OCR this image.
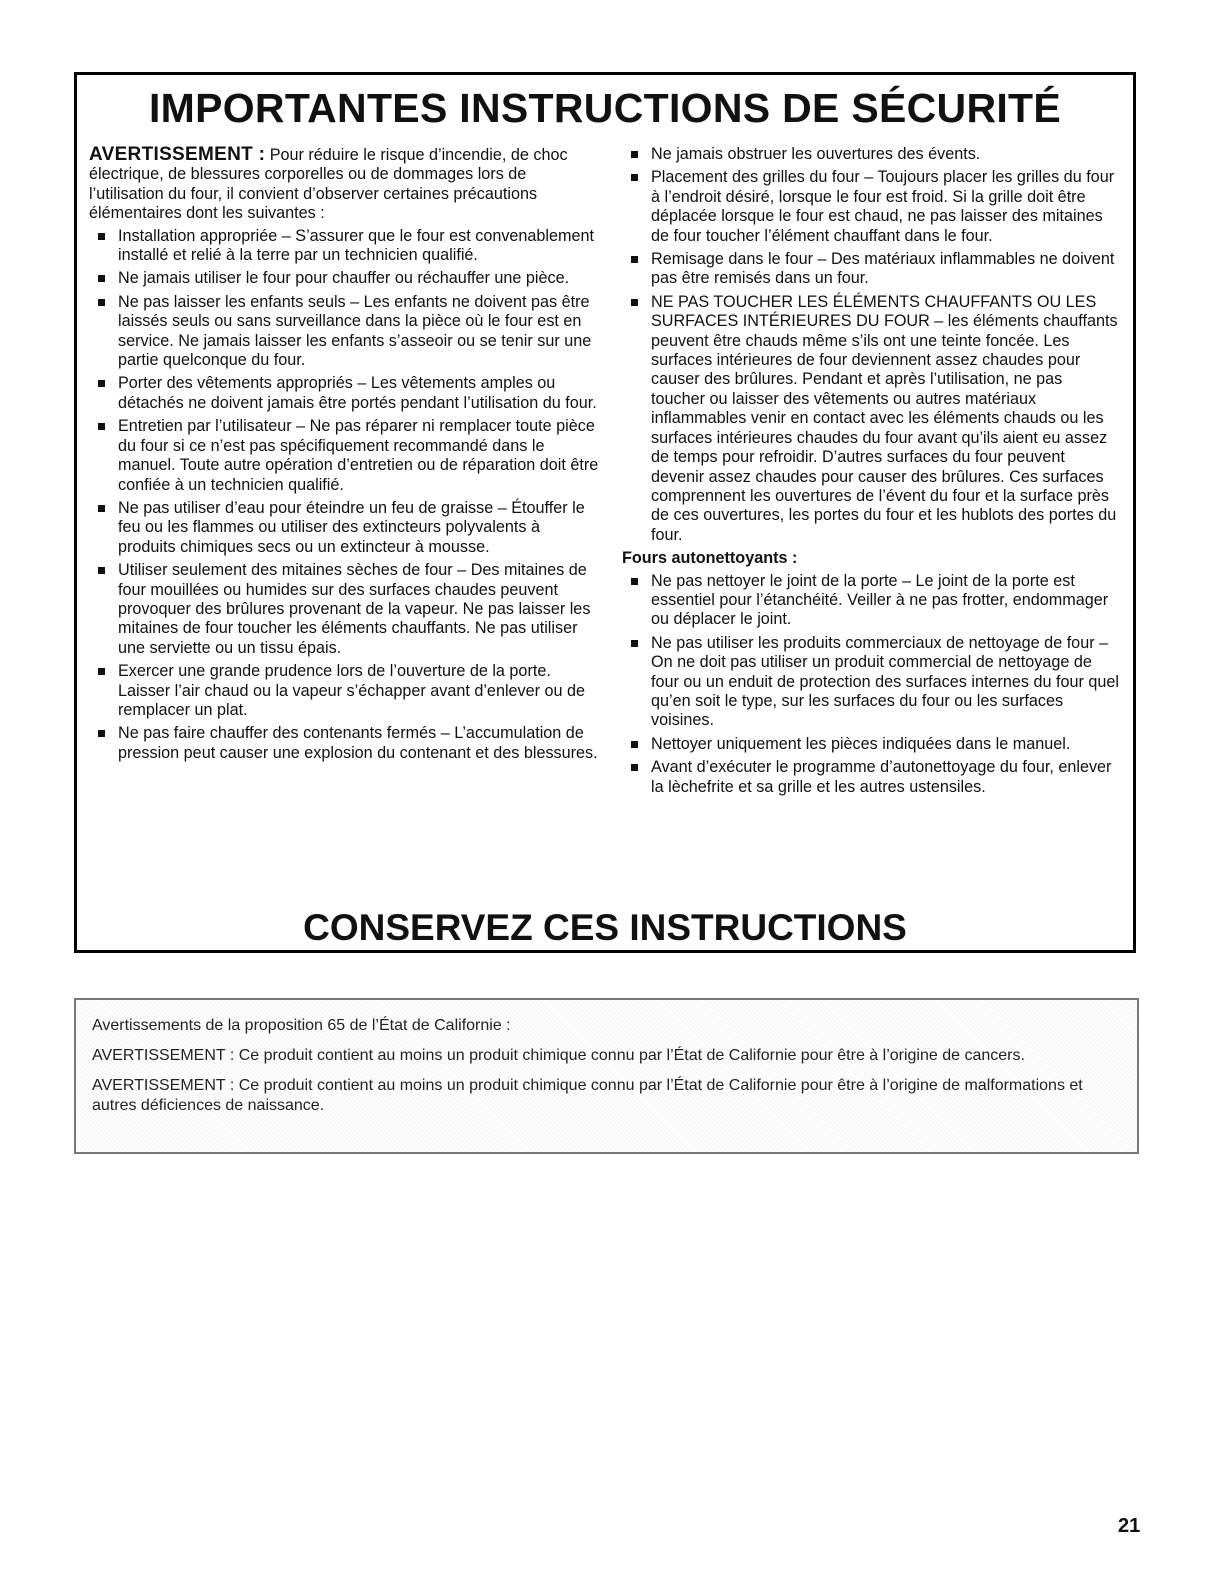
IMPORTANTES INSTRUCTIONS DE SÉCURITÉ

AVERTISSEMENT : Pour réduire le risque d’incendie, de choc électrique, de blessures corporelles ou de dommages lors de l’utilisation du four, il convient d’observer certaines précautions élémentaires dont les suivantes :

Installation appropriée – S’assurer que le four est convenablement installé et relié à la terre par un technicien qualifié.
Ne jamais utiliser le four pour chauffer ou réchauffer une pièce.
Ne pas laisser les enfants seuls – Les enfants ne doivent pas être laissés seuls ou sans surveillance dans la pièce où le four est en service. Ne jamais laisser les enfants s’asseoir ou se tenir sur une partie quelconque du four.
Porter des vêtements appropriés – Les vêtements amples ou détachés ne doivent jamais être portés pendant l’utilisation du four.
Entretien par l’utilisateur – Ne pas réparer ni remplacer toute pièce du four si ce n’est pas spécifiquement recommandé dans le manuel. Toute autre opération d’entretien ou de réparation doit être confiée à un technicien qualifié.
Ne pas utiliser d’eau pour éteindre un feu de graisse – Étouffer le feu ou les flammes ou utiliser des extincteurs polyvalents à produits chimiques secs ou un extincteur à mousse.
Utiliser seulement des mitaines sèches de four – Des mitaines de four mouillées ou humides sur des surfaces chaudes peuvent provoquer des brûlures provenant de la vapeur. Ne pas laisser les mitaines de four toucher les éléments chauffants. Ne pas utiliser une serviette ou un tissu épais.
Exercer une grande prudence lors de l’ouverture de la porte. Laisser l’air chaud ou la vapeur s’échapper avant d’enlever ou de remplacer un plat.
Ne pas faire chauffer des contenants fermés – L’accumulation de pression peut causer une explosion du contenant et des blessures.
Ne jamais obstruer les ouvertures des évents.
Placement des grilles du four – Toujours placer les grilles du four à l’endroit désiré, lorsque le four est froid. Si la grille doit être déplacée lorsque le four est chaud, ne pas laisser des mitaines de four toucher l’élément chauffant dans le four.
Remisage dans le four – Des matériaux inflammables ne doivent pas être remisés dans un four.
NE PAS TOUCHER LES ÉLÉMENTS CHAUFFANTS OU LES SURFACES INTÉRIEURES DU FOUR – les éléments chauffants peuvent être chauds même s’ils ont une teinte foncée. Les surfaces intérieures de four deviennent assez chaudes pour causer des brûlures. Pendant et après l’utilisation, ne pas toucher ou laisser des vêtements ou autres matériaux inflammables venir en contact avec les éléments chauds ou les surfaces intérieures chaudes du four avant qu’ils aient eu assez de temps pour refroidir. D’autres surfaces du four peuvent devenir assez chaudes pour causer des brûlures. Ces surfaces comprennent les ouvertures de l’évent du four et la surface près de ces ouvertures, les portes du four et les hublots des portes du four.

Fours autonettoyants :

Ne pas nettoyer le joint de la porte – Le joint de la porte est essentiel pour l’étanchéité. Veiller à ne pas frotter, endommager ou déplacer le joint.
Ne pas utiliser les produits commerciaux de nettoyage de four – On ne doit pas utiliser un produit commercial de nettoyage de four ou un enduit de protection des surfaces internes du four quel qu’en soit le type, sur les surfaces du four ou les surfaces voisines.
Nettoyer uniquement les pièces indiquées dans le manuel.
Avant d’exécuter le programme d’autonettoyage du four, enlever la lèchefrite et sa grille et les autres ustensiles.
CONSERVEZ CES INSTRUCTIONS

Avertissements de la proposition 65 de l’État de Californie :

AVERTISSEMENT : Ce produit contient au moins un produit chimique connu par l’État de Californie pour être à l’origine de cancers.

AVERTISSEMENT : Ce produit contient au moins un produit chimique connu par l’État de Californie pour être à l’origine de malformations et autres déficiences de naissance.

21
